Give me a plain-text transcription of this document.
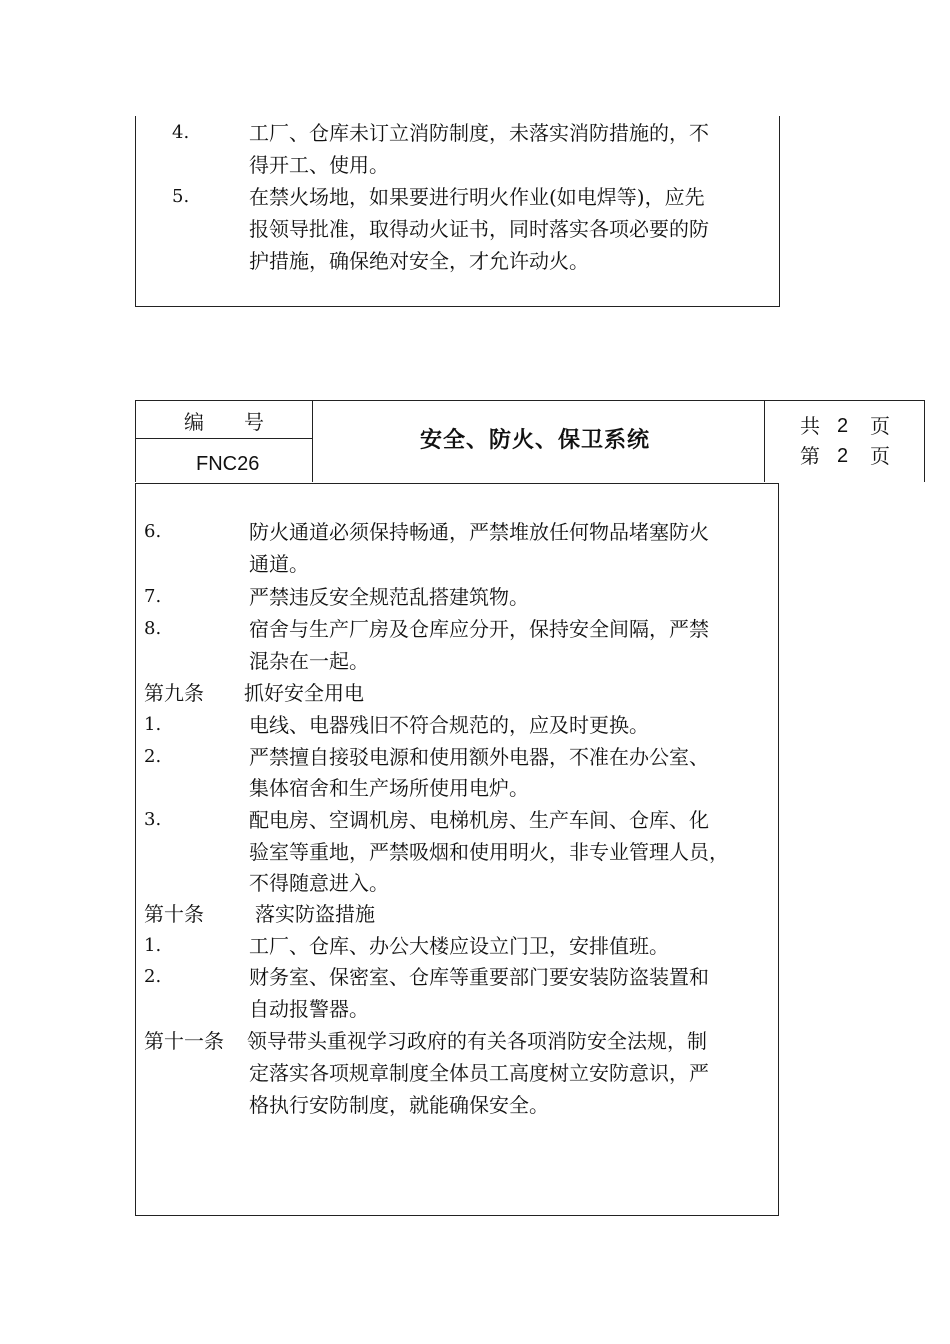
4.	工厂、仓库未订立消防制度，未落实消防措施的，不
得开工、使用。
5.	在禁火场地，如果要进行明火作业(如电焊等)，应先
报领导批准，取得动火证书，同时落实各项必要的防
护措施，确保绝对安全，才允许动火。
编　　号
FNC26
安全、防火、保卫系统
共 2 页
第 2 页
6.	防火通道必须保持畅通，严禁堆放任何物品堵塞防火
通道。
7.	严禁违反安全规范乱搭建筑物。
8.	宿舍与生产厂房及仓库应分开，保持安全间隔，严禁
混杂在一起。
第九条 抓好安全用电
1.	电线、电器残旧不符合规范的，应及时更换。
2.	严禁擅自接驳电源和使用额外电器，不准在办公室、
集体宿舍和生产场所使用电炉。
3.	配电房、空调机房、电梯机房、生产车间、仓库、化
验室等重地，严禁吸烟和使用明火，非专业管理人员，
不得随意进入。
第十条	落实防盗措施
1.	工厂、仓库、办公大楼应设立门卫，安排值班。
2.	财务室、保密室、仓库等重要部门要安装防盗装置和
自动报警器。
第十一条 领导带头重视学习政府的有关各项消防安全法规，制
定落实各项规章制度全体员工高度树立安防意识，严
格执行安防制度，就能确保安全。
